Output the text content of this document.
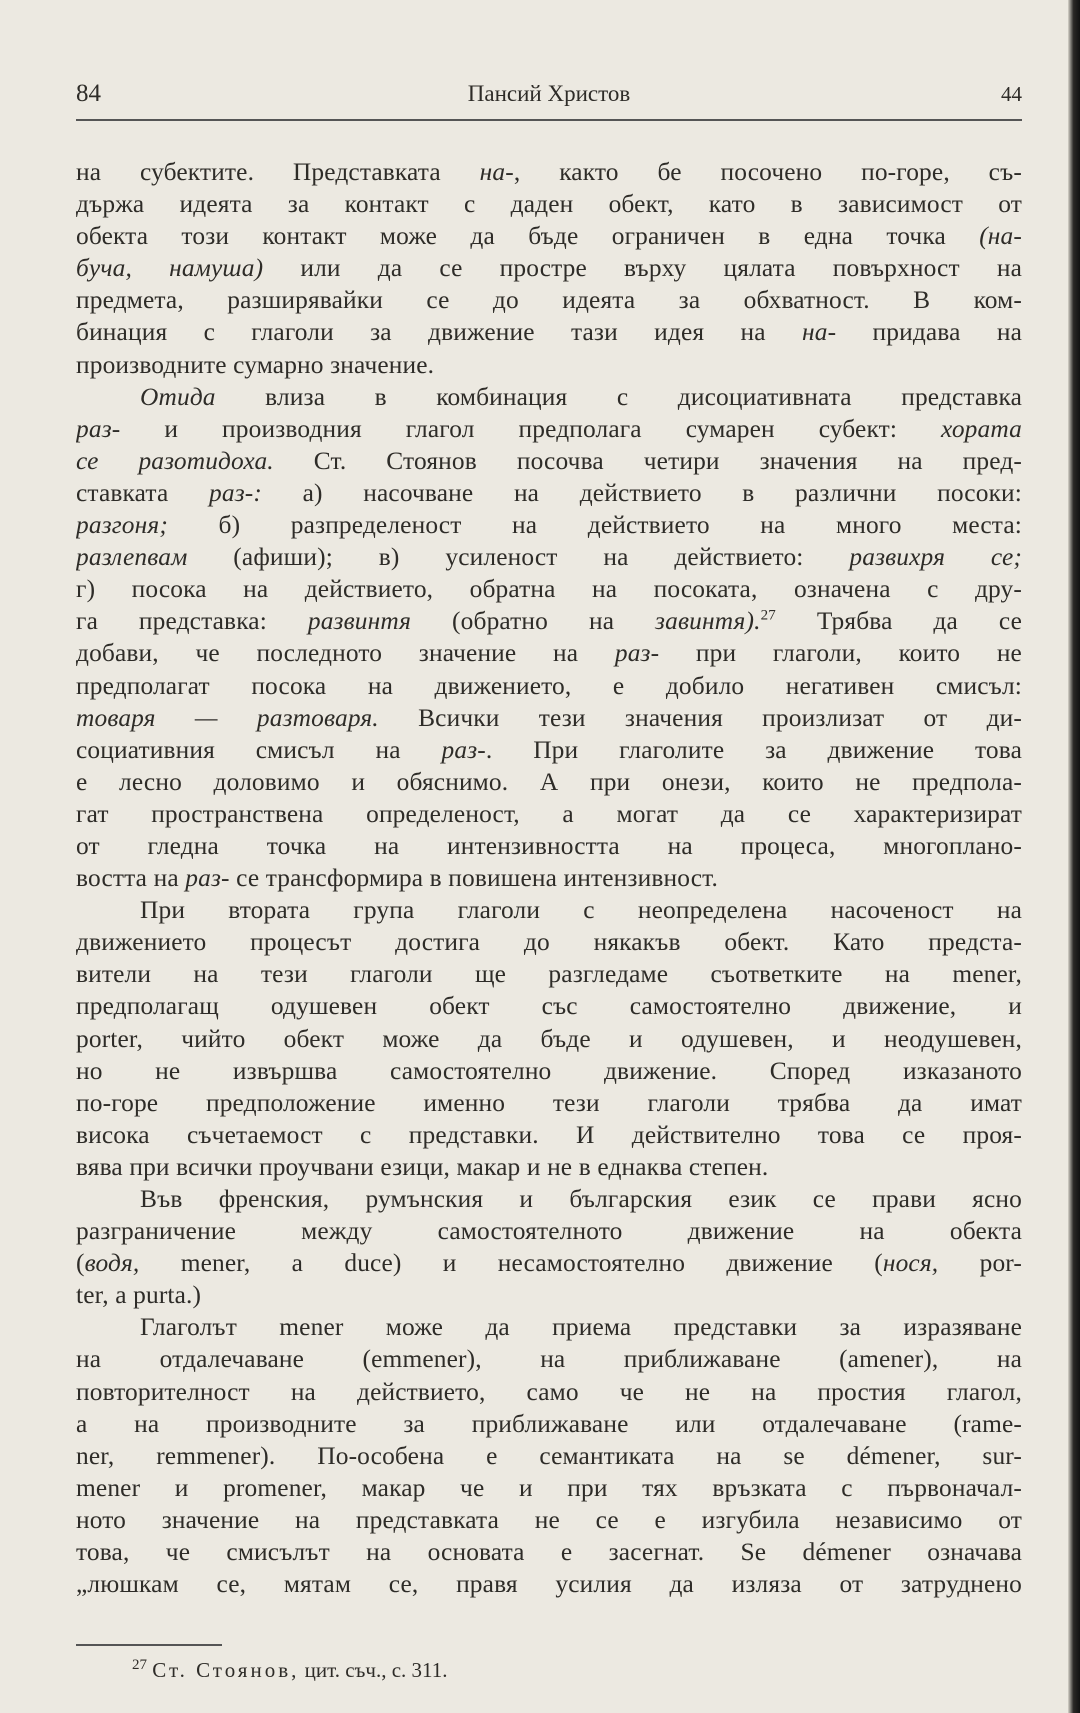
Пансий Христов
84	44
на субектите. Представката на-, както бе посочено по-горе, съ-
държа идеята за контакт с даден обект, като в зависимост от
обекта този контакт може да бъде ограничен в една точка (на-
бyчa, намуша) или да се простре върху цялата повърхност на
предмета, разширявайки се до идеята за обхватност. В ком-
бинация с глаголи за движение тази идея на на- придава на
производните сумарно значение.
Отида влиза в комбинация с дисоциативната представка
раз- и производния глагол предполага сумарен субект: хората
се разотидоха. Ст. Стоянов посочва четири значения на пред-
ставката раз-: а) насочване на действието в различни посоки:
разгоня; б) разпределеност на действието на много места:
разлепвам (афиши); в) усиленост на действието: развихря се;
г) посока на действието, обратна на посоката, означена с дру-
га представка: развинтя (обратно на завинтя).$^{27}$ Трябва да се
добави, че последното значение на раз- при глаголи, които не
предполагат посока на движението, е добило негативен смисъл:
товаря — разтоваря. Всички тези значения произлизат от ди-
социативния смисъл на раз-. При глаголите за движение това
е лесно доловимо и обяснимо. А при онези, които не предпола-
гат пространствена определеност, а могат да се характеризират
от гледна точка на интензивността на процеса, многоплано-
востта на раз- се трансформира в повишена интензивност.
При втората група глаголи с неопределена насоченост на
движението процесът достига до някакъв обект. Като предста-
вители на тези глаголи ще разгледаме съответките на mener,
предполагащ одушевен обект със самостоятелно движение, и
porter, чийто обект може да бъде и одушевен, и неодушевен,
но не извършва самостоятелно движение. Според изказаното
по-горе предположение именно тези глаголи трябва да имат
висока съчетаемост с представки. И действително това се проя-
вява при всички проучвани езици, макар и не в еднаква степен.
Във френския, румънския и българския език се прави ясно
разграничение между самостоятелното движение на обекта
(водя, mener, a duce) и несамостоятелно движение (нося, por-
ter, a purta.)
Глаголът mener може да приема представки за изразяване
на отдалечаване (emmener), на приближаване (amener), на
повторителност на действието, само че не на простия глагол,
а на производните за приближаване или отдалечаване (rame-
ner, remmener). По-особена е семантиката на se démener, sur-
mener и promener, макар че и при тях връзката с първоначал-
ното значение на представката не се е изгубила независимо от
това, че смисълът на основата е засегнат. Se démener означава
„люшкам се, мятам се, правя усилия да изляза от затруднено
$^{27}$ Ст. Стоянов, цит. съч., с. 311.
